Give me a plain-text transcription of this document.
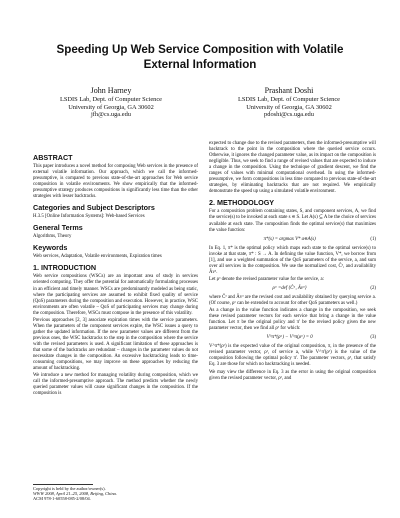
Speeding Up Web Service Composition with Volatile
External Information
John Harney
LSDIS Lab, Dept. of Computer Science
University of Georgia, GA 30602
jfh@cs.uga.edu
Prashant Doshi
LSDIS Lab, Dept. of Computer Science
University of Georgia, GA 30602
pdoshi@cs.uga.edu
ABSTRACT

This paper introduces a novel method for composing Web services in the presence of external volatile information. Our approach, which we call the informed-presumptive, is compared to previous state-of-the-art approaches for Web service composition in volatile environments. We show empirically that the informed-presumptive strategy produces compositions in significantly less time than the other strategies with lesser backtracks.

Categories and Subject Descriptors

H.3.5 [Online Information Systems]: Web-based Services

General Terms

Algorithms, Theory

Keywords

Web services, Adaptation, Volatile environments, Expiration times

1. INTRODUCTION

Web service compositions (WSCs) are an important area of study in services oriented computing. They offer the potential for automatically formulating processes in an efficient and timely manner. WSCs are predominantly modeled as being static, where the participating services are assumed to exhibit fixed quality of service (QoS) parameters during the composition and execution. However, in practice, WSC environments are often volatile – QoS of participating services may change during the composition. Therefore, WSCs must compose in the presence of this volatility.

Previous approaches [2, 3] associate expiration times with the service parameters. When the parameters of the component services expire, the WSC issues a query to gather the updated information. If the new parameter values are different from the previous ones, the WSC backtracks to the step in the composition where the service with the revised parameters is used. A significant limitation of these approaches is that some of the backtracks are redundant – changes in the parameter values do not necessitate changes in the composition. An excessive backtracking leads to time-consuming compositions, we may improve on these approaches by reducing the amount of backtracking.

We introduce a new method for managing volatility during composition, which we call the informed-presumptive approach. The method predicts whether the newly queried parameter values will cause significant changes in the composition. If the composition is

Copyright is held by the author/owner(s).
WWW 2008, April 21–25, 2008, Beijing, China.
ACM 978-1-60558-085-2/08/04.

expected to change due to the revised parameters, then the informed-presumptive will backtrack to the point in the composition where the queried service occurs. Otherwise, it ignores the changed parameter value, as its impact on the composition is negligible. Thus, we seek to find a range of revised values that are expected to induce a change in the composition. Using the technique of gradient descent, we find the ranges of values with minimal computational overhead. In using the informed-presumptive, we form compositions in less time compared to previous state-of-the-art strategies, by eliminating backtracks that are not required. We empirically demonstrate the speed up using a simulated volatile environment.

2. METHODOLOGY

For a composition problem containing states, S, and component services, A, we find the service(s) to be invoked at each state s ∈ S. Let A(s) ⊆ A be the choice of services available at each state. The composition finds the optimal service(s) that maximizes the value function:

π*(s) = argmax V* a∈A(s)	(1)

In Eq. 1, π* is the optimal policy which maps each state to the optimal service(s) to invoke at that state, π* : S → A. In defining the value function, V*, we borrow from [1], and use a weighted summation of the QoS parameters of the service, a, and sum over all services in the composition. We use the normalized cost, Ĉᵃ, and availability Âvᵃ.

Let ρᵃ denote the revised parameter value for the service, a:

ρᵃ =def ⟨Ĉᵃ, Âvᵃ⟩	(2)

where Ĉᵃ and Âvᵃ are the revised cost and availability obtained by querying service a. (Of course, ρᵃ can be extended to account for other QoS parameters as well.)

As a change in the value function indicates a change in the composition, we seek these revised parameter vectors for each service that bring a change in the value function. Let π be the original policy and π' be the revised policy given the new parameter vector, then we find all ρᵃ for which:

V^π*(ρᵃ) − V^π(ρᵃ) = 0	(3)

V^π*(ρᵃ) is the expected value of the original composition, π, in the presence of the revised parameter vector, ρᵃ, of service a, while V^π'(ρᵃ) is the value of the composition following the optimal policy π'. The parameter vectors, ρᵃ, that satisfy Eq. 3 are those for which no backtracking is needed.

We may view the difference in Eq. 3 as the error in using the original composition given the revised parameter vector, ρᵃ, and
